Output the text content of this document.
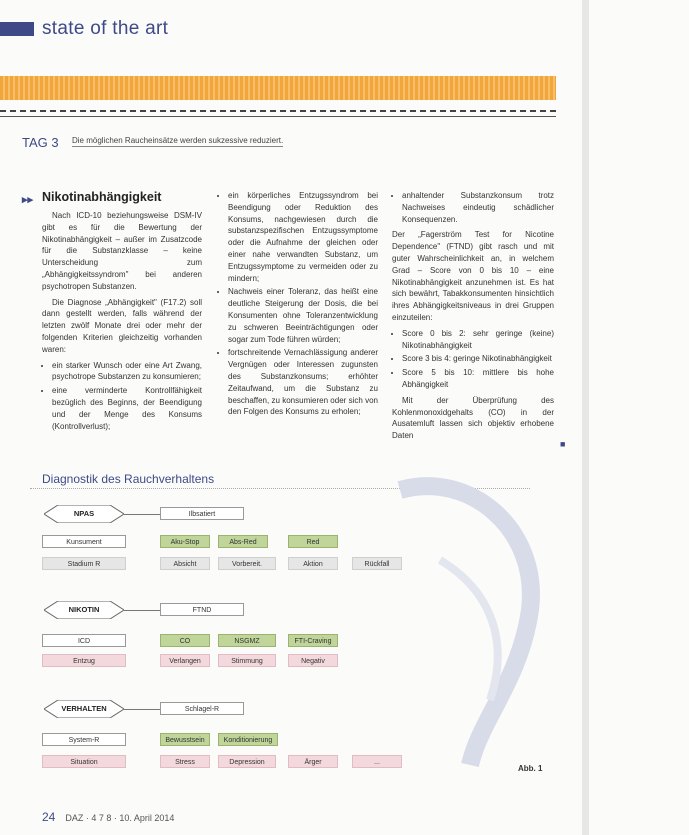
state of the art
TAG 3 Die möglichen Raucheinsätze werden sukzessive reduziert.
▸▸ Nikotinabhängigkeit

Nach ICD-10 beziehungsweise DSM-IV gibt es für die Bewertung der Nikotinabhängigkeit – außer im Zusatzcode für die Substanzklasse – keine Unterscheidung zum „Abhängigkeitssyndrom" bei anderen psychotropen Substanzen.

Die Diagnose „Abhängigkeit" (F17.2) soll dann gestellt werden, falls während der letzten zwölf Monate drei oder mehr der folgenden Kriterien gleichzeitig vorhanden waren:

• ein starker Wunsch oder eine Art Zwang, psychotrope Substanzen zu konsumieren;
• eine verminderte Kontrollfähigkeit bezüglich des Beginns, der Beendigung und der Menge des Konsums (Kontrollverlust);
• ein körperliches Entzugssyndrom bei Beendigung oder Reduktion des Konsums, nachgewiesen durch die substanzspezifischen Entzugssymptome oder die Aufnahme der gleichen oder einer nahe verwandten Substanz, um Entzugssymptome zu vermeiden oder zu mindern;
• Nachweis einer Toleranz, das heißt eine deutliche Steigerung der Dosis, die bei Konsumenten ohne Toleranzentwicklung zu schweren Beeinträchtigungen oder sogar zum Tode führen würden;
• fortschreitende Vernachlässigung anderer Vergnügen oder Interessen zugunsten des Substanzkonsums; erhöhter Zeitaufwand, um die Substanz zu beschaffen, zu konsumieren oder sich von den Folgen des Konsums zu erholen;
• anhaltender Substanzkonsum trotz Nachweises eindeutig schädlicher Konsequenzen.

Der „Fagerström Test for Nicotine Dependence" (FTND) gibt rasch und mit guter Wahrscheinlichkeit an, in welchem Grad – Score von 0 bis 10 – eine Nikotinabhängigkeit anzunehmen ist. Es hat sich bewährt, Tabakkonsumenten hinsichtlich ihres Abhängigkeitsniveaus in drei Gruppen einzuteilen:

• Score 0 bis 2: sehr geringe (keine) Nikotinabhängigkeit
• Score 3 bis 4: geringe Nikotinabhängigkeit
• Score 5 bis 10: mittlere bis hohe Abhängigkeit

Mit der Überprüfung des Kohlenmonoxidgehalts (CO) in der Ausatemluft lassen sich objektiv erhobene Daten

■
Diagnostik des Rauchverhaltens
NPAS	Ilbsatiert
Kunsument	Aku-Stop	Abs-Red	Red
Stadium R	Absicht	Vorbereit.	Aktion	Rückfall
NIKOTIN	FTND
ICD	CO	NSGMZ	FTI-Craving
Entzug	Verlangen	Stimmung	Negativ
VERHALTEN	Schlagel-R
System-R	Bewusstsein	Konditionierung
Situation	Stress	Depression	Ärger	...
Abb. 1
24 DAZ · 4 7 8 · 10. April 2014
